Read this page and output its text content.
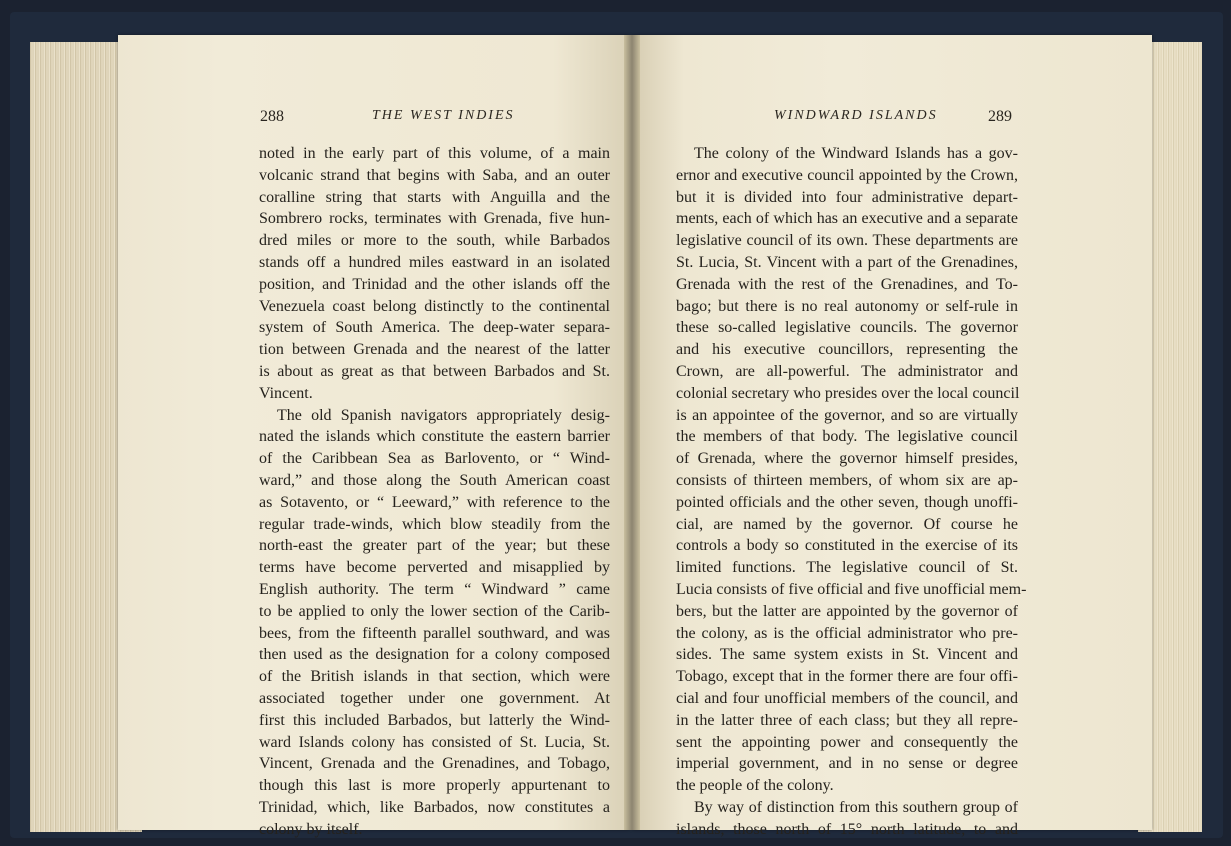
288	THE WEST INDIES	WINDWARD ISLANDS	289
noted in the early part of this volume, of a main
volcanic strand that begins with Saba, and an outer
coralline string that starts with Anguilla and the
Sombrero rocks, terminates with Grenada, five hun-
dred miles or more to the south, while Barbados
stands off a hundred miles eastward in an isolated
position, and Trinidad and the other islands off the
Venezuela coast belong distinctly to the continental
system of South America. The deep-water separa-
tion between Grenada and the nearest of the latter
is about as great as that between Barbados and St.
Vincent.
The old Spanish navigators appropriately desig-
nated the islands which constitute the eastern barrier
of the Caribbean Sea as Barlovento, or “ Wind-
ward,” and those along the South American coast
as Sotavento, or “ Leeward,” with reference to the
regular trade-winds, which blow steadily from the
north-east the greater part of the year; but these
terms have become perverted and misapplied by
English authority. The term “ Windward ” came
to be applied to only the lower section of the Carib-
bees, from the fifteenth parallel southward, and was
then used as the designation for a colony composed
of the British islands in that section, which were
associated together under one government. At
first this included Barbados, but latterly the Wind-
ward Islands colony has consisted of St. Lucia, St.
Vincent, Grenada and the Grenadines, and Tobago,
though this last is more properly appurtenant to
Trinidad, which, like Barbados, now constitutes a
colony by itself.
The colony of the Windward Islands has a gov-
ernor and executive council appointed by the Crown,
but it is divided into four administrative depart-
ments, each of which has an executive and a separate
legislative council of its own. These departments are
St. Lucia, St. Vincent with a part of the Grenadines,
Grenada with the rest of the Grenadines, and To-
bago; but there is no real autonomy or self-rule in
these so-called legislative councils. The governor
and his executive councillors, representing the
Crown, are all-powerful. The administrator and
colonial secretary who presides over the local council
is an appointee of the governor, and so are virtually
the members of that body. The legislative council
of Grenada, where the governor himself presides,
consists of thirteen members, of whom six are ap-
pointed officials and the other seven, though unoffi-
cial, are named by the governor. Of course he
controls a body so constituted in the exercise of its
limited functions. The legislative council of St.
Lucia consists of five official and five unofficial mem-
bers, but the latter are appointed by the governor of
the colony, as is the official administrator who pre-
sides. The same system exists in St. Vincent and
Tobago, except that in the former there are four offi-
cial and four unofficial members of the council, and
in the latter three of each class; but they all repre-
sent the appointing power and consequently the
imperial government, and in no sense or degree
the people of the colony.
By way of distinction from this southern group of
islands, those north of 15° north latitude, to and
